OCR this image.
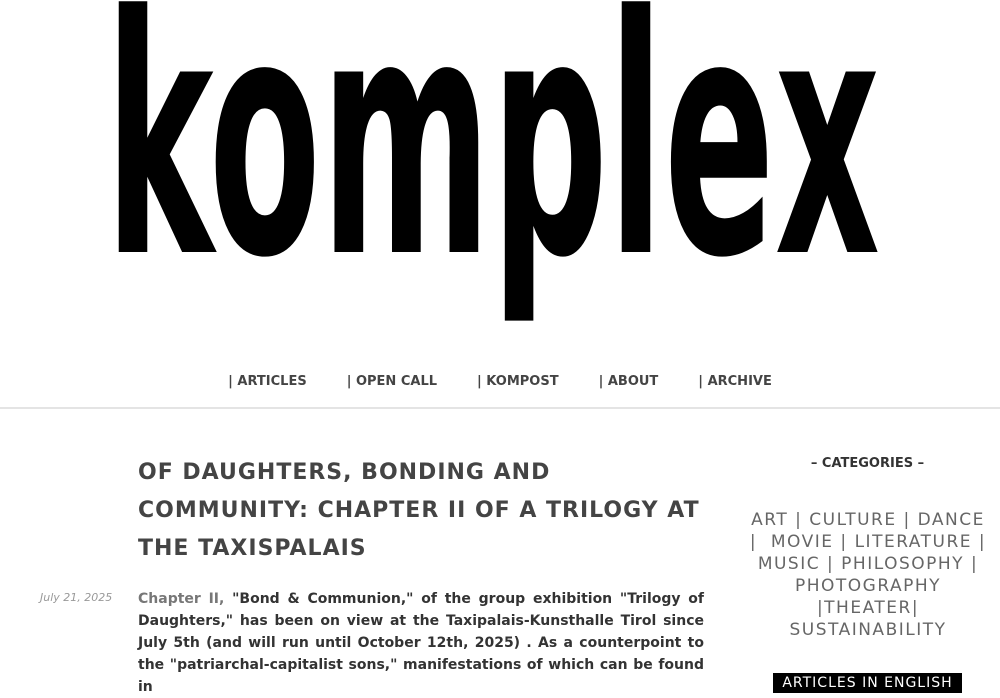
komplex
| ARTICLES	| OPEN CALL	| KOMPOST	| ABOUT	| ARCHIVE
OF DAUGHTERS, BONDING AND COMMUNITY: CHAPTER II OF A TRILOGY AT THE TAXISPALAIS
July 21, 2025 Chapter II, "Bond & Communion," of the group exhibition "Trilogy of Daughters," has been on view at the Taxipalais-Kunsthalle Tirol since July 5th (and will run until October 12th, 2025) . As a counterpoint to the "patriarchal-capitalist sons," manifestations of which can be found in

– CATEGORIES –
ART | CULTURE | DANCE |  MOVIE | LITERATURE | MUSIC | PHILOSOPHY | PHOTOGRAPHY
|THEATER|
SUSTAINABILITY
ARTICLES IN ENGLISH
